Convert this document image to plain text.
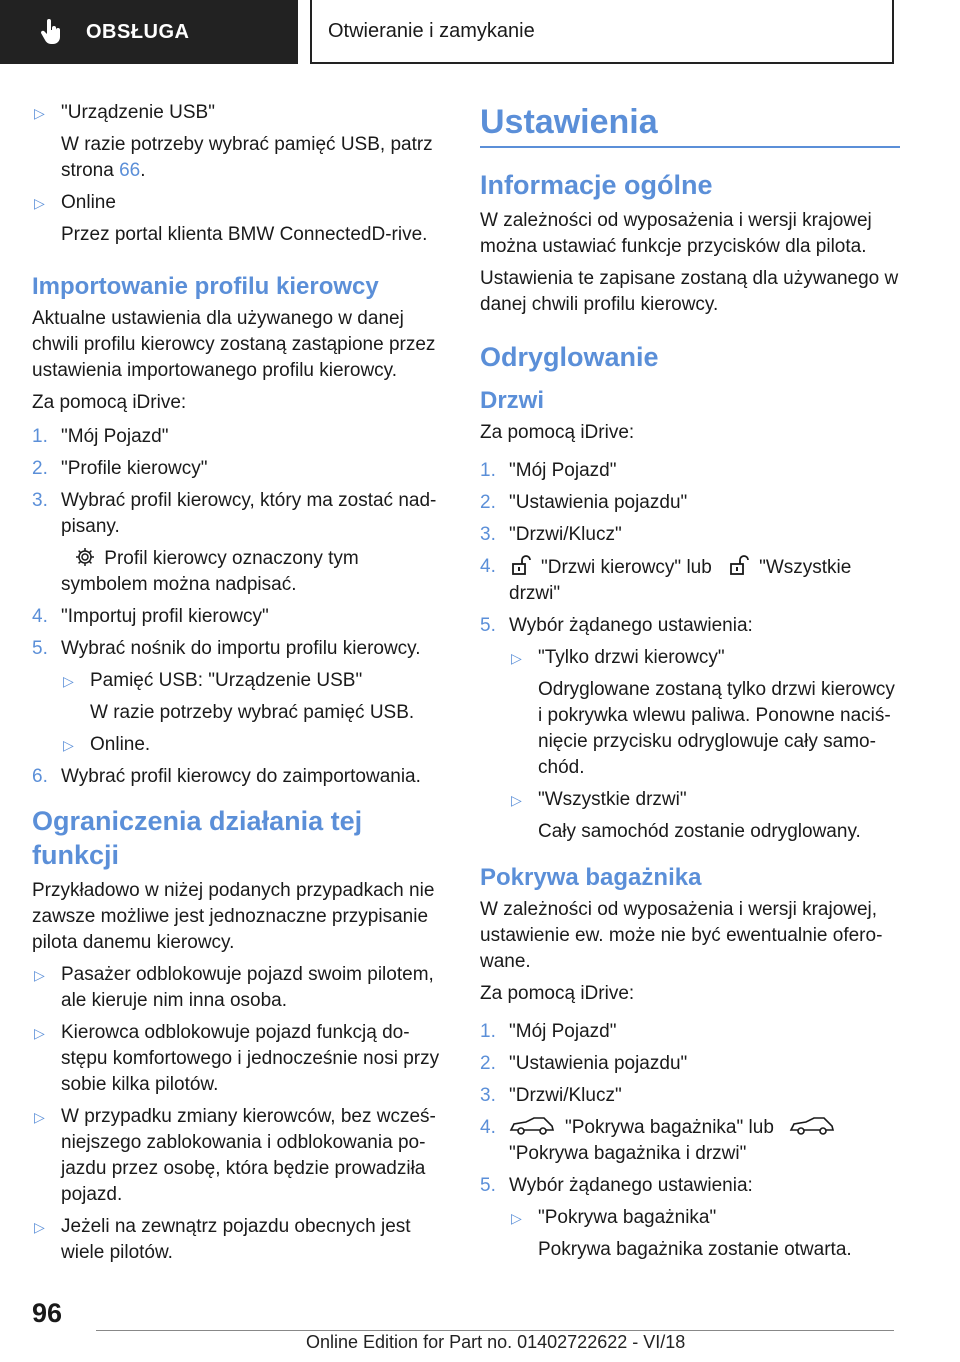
OBSŁUGA	Otwieranie i zamykanie
▷ "Urządzenie USB"
W razie potrzeby wybrać pamięć USB, patrz strona 66.
▷ Online
Przez portal klienta BMW ConnectedD-rive.
Importowanie profilu kierowcy

Aktualne ustawienia dla używanego w danej chwili profilu kierowcy zostaną zastąpione przez ustawienia importowanego profilu kierowcy.

Za pomocą iDrive:

1. "Mój Pojazd"
2. "Profile kierowcy"
3. Wybrać profil kierowcy, który ma zostać nad-pisany.
Profil kierowcy oznaczony tym symbolem można nadpisać.
4. "Importuj profil kierowcy"
5. Wybrać nośnik do importu profilu kierowcy.
▷ Pamięć USB: "Urządzenie USB"
W razie potrzeby wybrać pamięć USB.
▷ Online.
6. Wybrać profil kierowcy do zaimportowania.
Ograniczenia działania tej funkcji

Przykładowo w niżej podanych przypadkach nie zawsze możliwe jest jednoznaczne przypisanie pilota danemu kierowcy.

▷ Pasażer odblokowuje pojazd swoim pilotem, ale kieruje nim inna osoba.
▷ Kierowca odblokowuje pojazd funkcją do-stępu komfortowego i jednocześnie nosi przy sobie kilka pilotów.
▷ W przypadku zmiany kierowców, bez wcześ-niejszego zablokowania i odblokowania po-jazdu przez osobę, która będzie prowadziła pojazd.
▷ Jeżeli na zewnątrz pojazdu obecnych jest wiele pilotów.
Ustawienia
Informacje ogólne

W zależności od wyposażenia i wersji krajowej można ustawiać funkcje przycisków dla pilota.

Ustawienia te zapisane zostaną dla używanego w danej chwili profilu kierowcy.

Odryglowanie
Drzwi

Za pomocą iDrive:

1. "Mój Pojazd"
2. "Ustawienia pojazdu"
3. "Drzwi/Klucz"
4.	"Drzwi kierowcy" lub "Wszystkie drzwi"
5. Wybór żądanego ustawienia:
▷ "Tylko drzwi kierowcy"
Odryglowane zostaną tylko drzwi kierowcy i pokrywka wlewu paliwa. Ponowne naciś-nięcie przycisku odryglowuje cały samo-chód.
▷ "Wszystkie drzwi"
Cały samochód zostanie odryglowany.
Pokrywa bagażnika

W zależności od wyposażenia i wersji krajowej, ustawienie ew. może nie być ewentualnie ofero-wane.

Za pomocą iDrive:

1. "Mój Pojazd"
2. "Ustawienia pojazdu"
3. "Drzwi/Klucz"
4.	"Pokrywa bagażnika" lub
"Pokrywa bagażnika i drzwi"
5. Wybór żądanego ustawienia:
▷ "Pokrywa bagażnika"
Pokrywa bagażnika zostanie otwarta.
96
Online Edition for Part no. 01402722622 - VI/18
